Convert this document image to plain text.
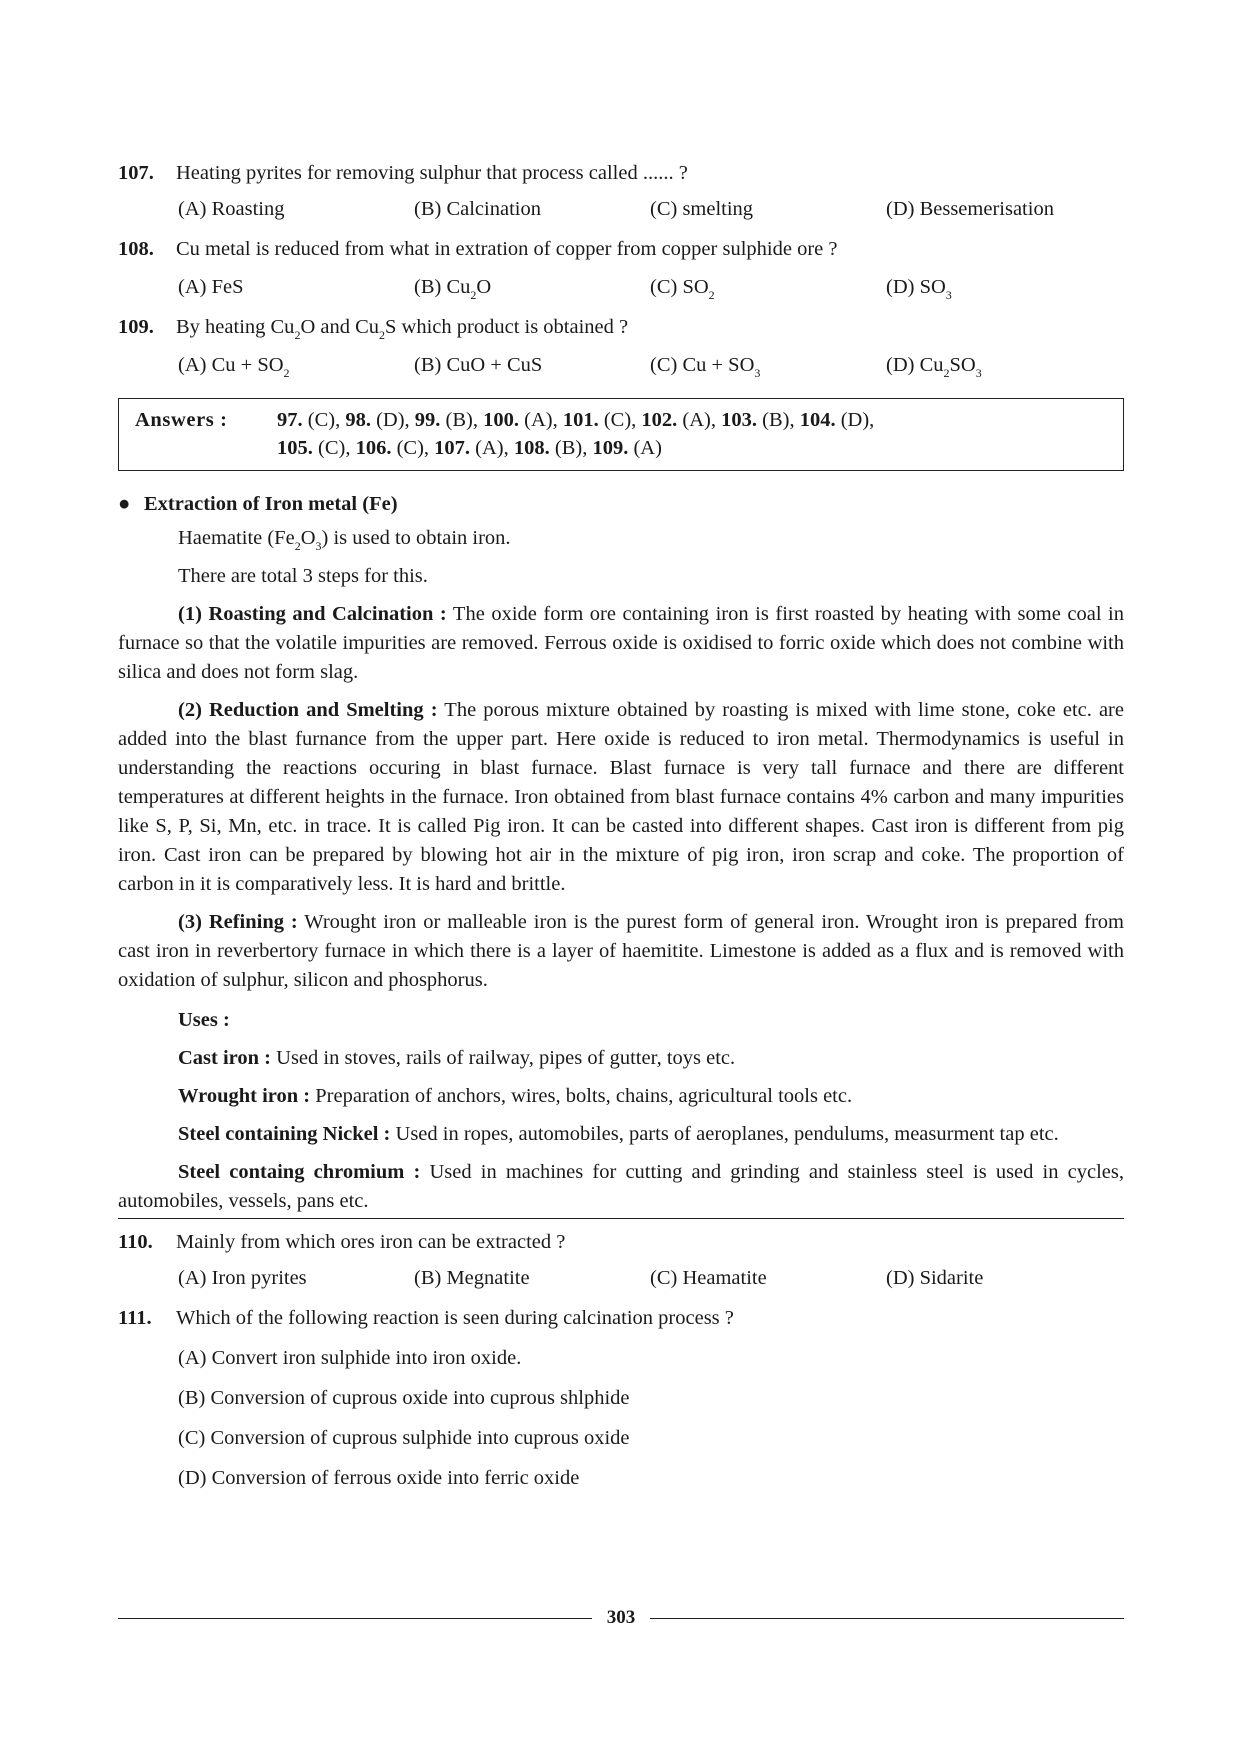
107.	Heating pyrites for removing sulphur that process called ...... ?
(A) Roasting	(B) Calcination	(C) smelting	(D) Bessemerisation
108.	Cu metal is reduced from what in extration of copper from copper sulphide ore ?
(A) FeS	(B) $Cu_2O$	(C) $SO_2$	(D) $SO_3$
109.	By heating $Cu_2O$ and $Cu_2S$ which product is obtained ?
(A) $Cu + SO_2$	(B) CuO + CuS	(C) $Cu + SO_3$	(D) $Cu_2SO_3$
Answers :	97. (C), 98. (D), 99. (B), 100. (A), 101. (C), 102. (A), 103. (B), 104. (D),
105. (C), 106. (C), 107. (A), 108. (B), 109. (A)
● Extraction of Iron metal (Fe)
Haematite $(Fe_2O_3)$ is used to obtain iron.
There are total 3 steps for this.
(1) Roasting and Calcination : The oxide form ore containing iron is first roasted by heating with some coal in furnace so that the volatile impurities are removed. Ferrous oxide is oxidised to forric oxide which does not combine with silica and does not form slag.
(2) Reduction and Smelting : The porous mixture obtained by roasting is mixed with lime stone, coke etc. are added into the blast furnance from the upper part. Here oxide is reduced to iron metal. Thermodynamics is useful in understanding the reactions occuring in blast furnace. Blast furnace is very tall furnace and there are different temperatures at different heights in the furnace. Iron obtained from blast furnace contains 4% carbon and many impurities like S, P, Si, Mn, etc. in trace. It is called Pig iron. It can be casted into different shapes. Cast iron is different from pig iron. Cast iron can be prepared by blowing hot air in the mixture of pig iron, iron scrap and coke. The proportion of carbon in it is comparatively less. It is hard and brittle.
(3) Refining : Wrought iron or malleable iron is the purest form of general iron. Wrought iron is prepared from cast iron in reverbertory furnace in which there is a layer of haemitite. Limestone is added as a flux and is removed with oxidation of sulphur, silicon and phosphorus.
Uses :
Cast iron : Used in stoves, rails of railway, pipes of gutter, toys etc.
Wrought iron : Preparation of anchors, wires, bolts, chains, agricultural tools etc.
Steel containing Nickel : Used in ropes, automobiles, parts of aeroplanes, pendulums, measurment tap etc.
Steel containg chromium : Used in machines for cutting and grinding and stainless steel is used in cycles, automobiles, vessels, pans etc.
110.	Mainly from which ores iron can be extracted ?
(A) Iron pyrites	(B) Megnatite	(C) Heamatite	(D) Sidarite
111.	Which of the following reaction is seen during calcination process ?
(A) Convert iron sulphide into iron oxide.
(B) Conversion of cuprous oxide into cuprous shlphide
(C) Conversion of cuprous sulphide into cuprous oxide
(D) Conversion of ferrous oxide into ferric oxide
303
